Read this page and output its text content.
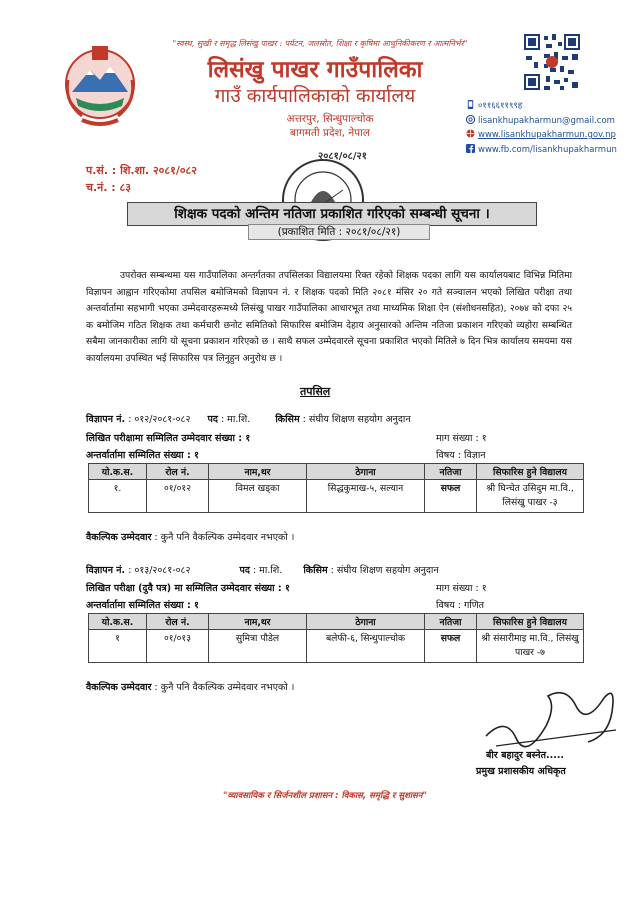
"स्वस्थ, सुखी र समृद्ध लिसंखु पाखर : पर्यटन, जलस्रोत, शिक्षा र कृषिमा आधुनिकीकरण र आत्मनिर्भर"
लिसंखु पाखर गाउँपालिका
गाउँ कार्यपालिकाको कार्यालय
अत्तरपुर, सिन्धुपाल्चोक
बागमती प्रदेश, नेपाल
०११६६११९९ह
lisankhupakharmun@gmail.com
www.lisankhupakharmun.gov.np
www.fb.com/lisankhupakharmun
प.सं. : शि.शा. २०८१/०८२
च.नं. : ८३
२०८१/०८/२१
शिक्षक पदको अन्तिम नतिजा प्रकाशित गरिएको सम्बन्धी सूचना ।
(प्रकाशित मिति : २०८१/०८/२१)
उपरोक्त सम्बन्धमा यस गाउँपालिका अन्तर्गतका तपसिलका विद्यालयमा रिक्त रहेको शिक्षक पदका लागि यस कार्यालयबाट विभिन्न मितिमा विज्ञापन आह्वान गरिएकोमा तपसिल बमोजिमको विज्ञापन नं. र शिक्षक पदको मिति २०८१ मंसिर २० गते सञ्चालन भएको लिखित परीक्षा तथा अन्तर्वार्तामा सहभागी भएका उम्मेदवारहरूमध्ये लिसंखु पाखर गाउँपालिका आधारभूत तथा माध्यमिक शिक्षा ऐन (संशोधनसहित), २०७४ को दफा २५ क बमोजिम गठित शिक्षक तथा कर्मचारी छनोट समितिको सिफारिस बमोजिम देहाय अनुसारको अन्तिम नतिजा प्रकाशन गरिएको व्यहोरा सम्बन्धित सबैमा जानकारीका लागि यो सूचना प्रकाशन गरिएको छ । साथै सफल उम्मेदवारले सूचना प्रकाशित भएको मितिले ७ दिन भित्र कार्यालय समयमा यस कार्यालयमा उपस्थित भई सिफारिस पत्र लिनुहुन अनुरोध छ ।
तपसिल
विज्ञापन नं. : ०१२/२०८१-०८२ पद : मा.शि.	किसिम : संघीय शिक्षण सहयोग अनुदान
लिखित परीक्षामा सम्मिलित उम्मेदवार संख्या : १	माग संख्या : १
अन्तर्वार्तामा सम्मिलित संख्या : १	विषय : विज्ञान
यो.क.स.	रोल नं.	नाम,थर	ठेगाना	नतिजा	सिफारिस हुने विद्यालय
१.	०१/०१२	विमल खड्का	सिद्धकुमाख-५, सल्यान	सफल	श्री घिन्चेत उसिदुम मा.वि., लिसंखु पाखर -३
वैकल्पिक उम्मेदवार : कुनै पनि वैकल्पिक उम्मेदवार नभएको ।
विज्ञापन नं. : ०१३/२०८१-०८२	पद : मा.शि. किसिम : संघीय शिक्षण सहयोग अनुदान
लिखित परीक्षा (दुवै पत्र) मा सम्मिलित उम्मेदवार संख्या : १	माग संख्या : १
अन्तर्वार्तामा सम्मिलित संख्या : १	विषय : गणित
यो.क.स.	रोल नं.	नाम,थर	ठेगाना	नतिजा	सिफारिस हुने विद्यालय
१	०१/०१३	सुमित्रा पौडेल	बलेफी-६, सिन्धुपाल्चोक	सफल	श्री संसारीमाइ मा.वि., लिसंखु पाखर -७
वैकल्पिक उम्मेदवार : कुनै पनि वैकल्पिक उम्मेदवार नभएको ।
बीर बहादुर बस्नेत.....
प्रमुख प्रशासकीय अधिकृत
"व्यावसायिक र सिर्जनशील प्रशासन : विकास, समृद्धि र सुशासन"
